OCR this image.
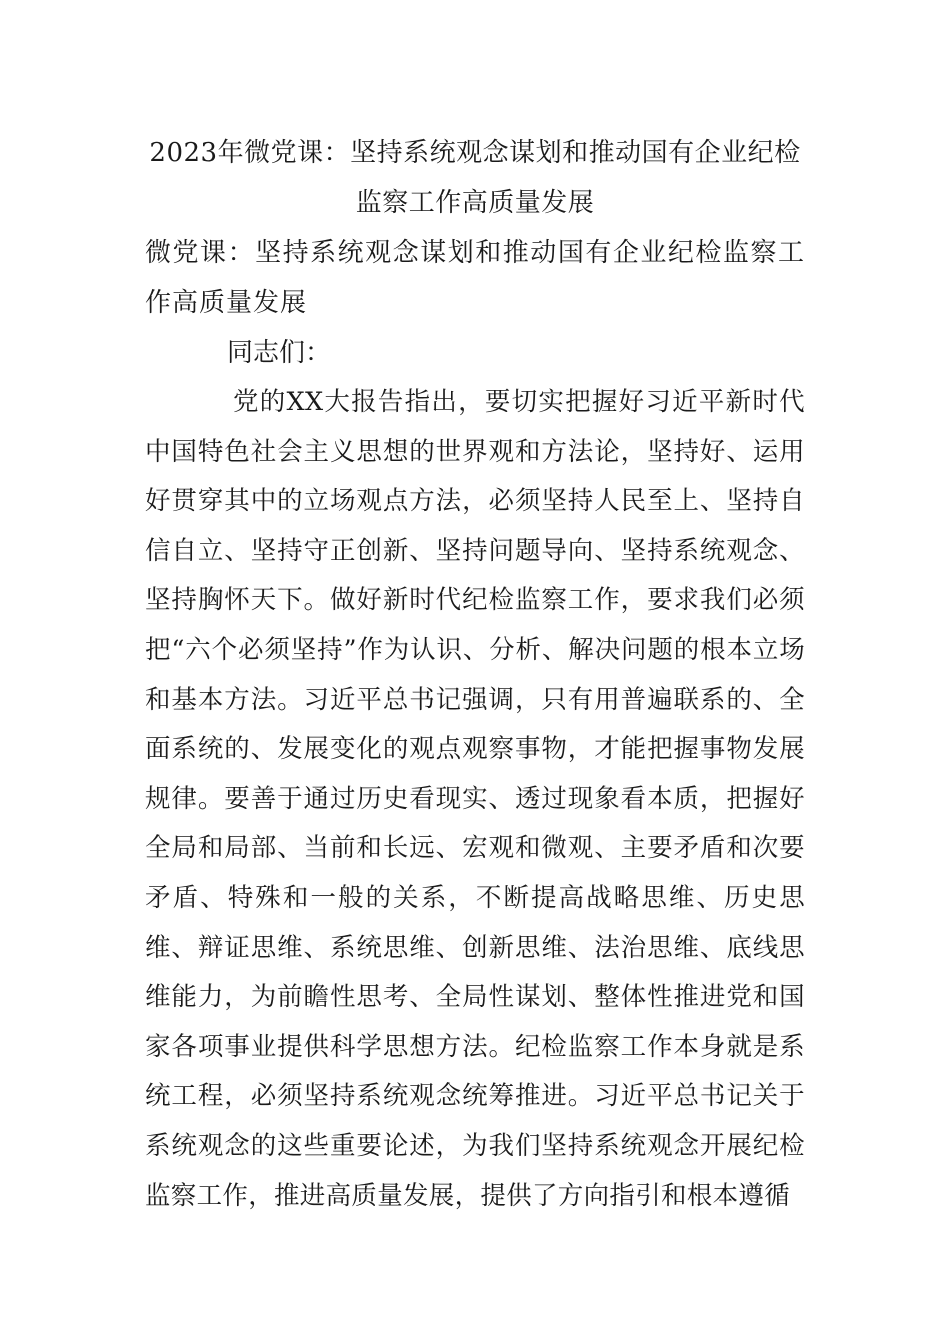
2023年微党课：坚持系统观念谋划和推动国有企业纪检监察工作高质量发展

微党课：坚持系统观念谋划和推动国有企业纪检监察工作高质量发展

同志们：

党的XX大报告指出，要切实把握好习近平新时代中国特色社会主义思想的世界观和方法论，坚持好、运用好贯穿其中的立场观点方法，必须坚持人民至上、坚持自信自立、坚持守正创新、坚持问题导向、坚持系统观念、坚持胸怀天下。做好新时代纪检监察工作，要求我们必须把“六个必须坚持”作为认识、分析、解决问题的根本立场和基本方法。习近平总书记强调，只有用普遍联系的、全面系统的、发展变化的观点观察事物，才能把握事物发展规律。要善于通过历史看现实、透过现象看本质，把握好全局和局部、当前和长远、宏观和微观、主要矛盾和次要矛盾、特殊和一般的关系，不断提高战略思维、历史思维、辩证思维、系统思维、创新思维、法治思维、底线思维能力，为前瞻性思考、全局性谋划、整体性推进党和国家各项事业提供科学思想方法。纪检监察工作本身就是系统工程，必须坚持系统观念统筹推进。习近平总书记关于系统观念的这些重要论述，为我们坚持系统观念开展纪检监察工作，推进高质量发展，提供了方向指引和根本遵循
